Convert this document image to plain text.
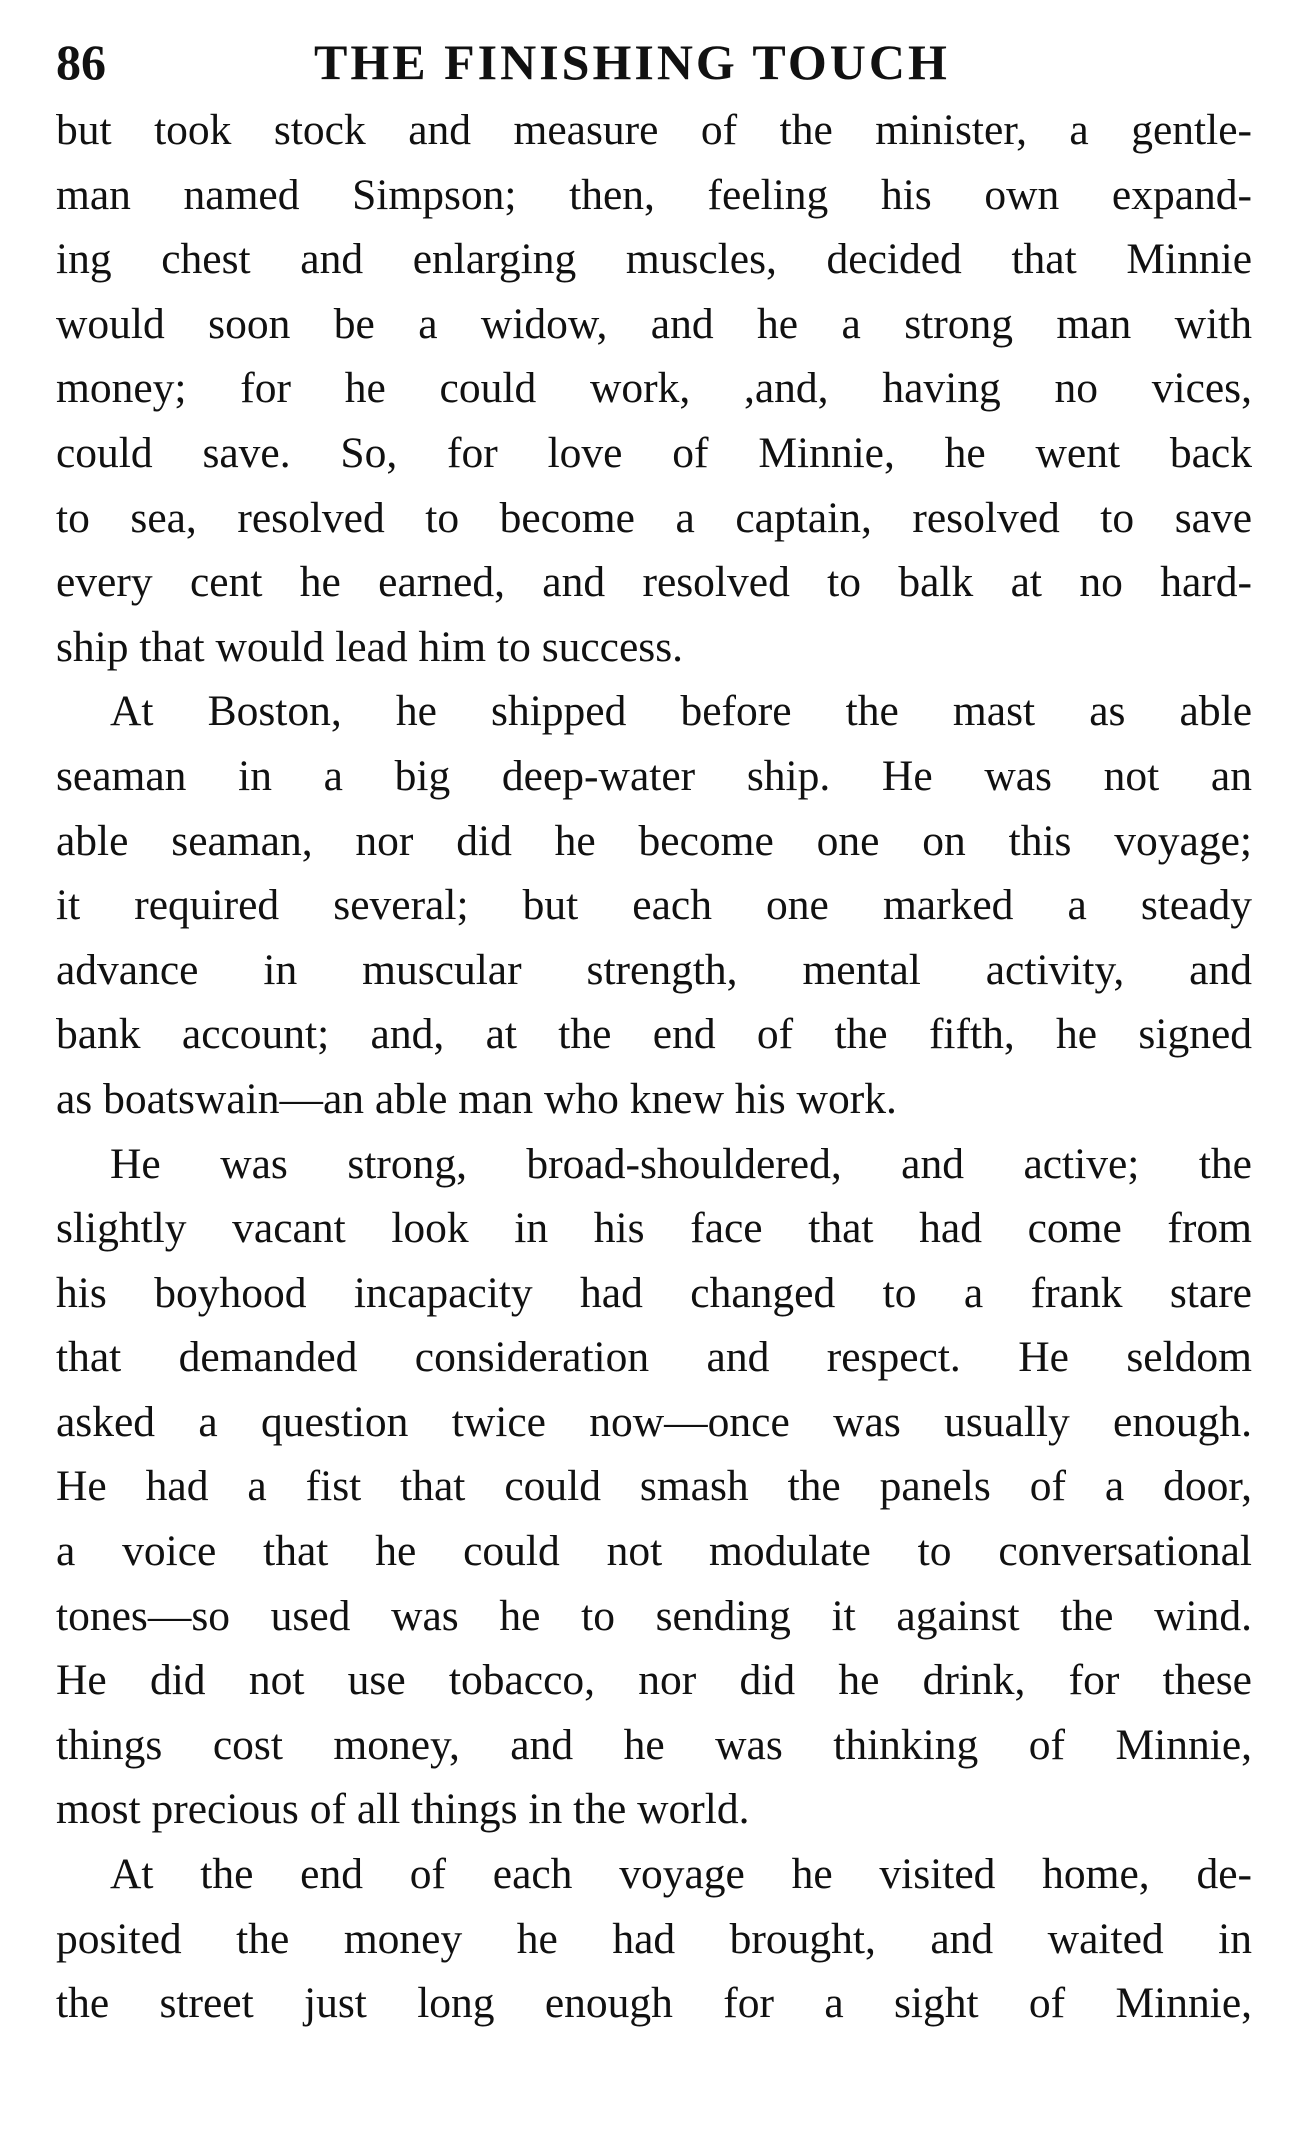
86	THE FINISHING TOUCH
but took stock and measure of the minister, a gentle-
man named Simpson; then, feeling his own expand-
ing chest and enlarging muscles, decided that Minnie
would soon be a widow, and he a strong man with
money; for he could work, ,and, having no vices,
could save. So, for love of Minnie, he went back
to sea, resolved to become a captain, resolved to save
every cent he earned, and resolved to balk at no hard-
ship that would lead him to success.
At Boston, he shipped before the mast as able
seaman in a big deep-water ship. He was not an
able seaman, nor did he become one on this voyage;
it required several; but each one marked a steady
advance in muscular strength, mental activity, and
bank account; and, at the end of the fifth, he signed
as boatswain—an able man who knew his work.
He was strong, broad-shouldered, and active; the
slightly vacant look in his face that had come from
his boyhood incapacity had changed to a frank stare
that demanded consideration and respect. He seldom
asked a question twice now—once was usually enough.
He had a fist that could smash the panels of a door,
a voice that he could not modulate to conversational
tones—so used was he to sending it against the wind.
He did not use tobacco, nor did he drink, for these
things cost money, and he was thinking of Minnie,
most precious of all things in the world.
At the end of each voyage he visited home, de-
posited the money he had brought, and waited in
the street just long enough for a sight of Minnie,
